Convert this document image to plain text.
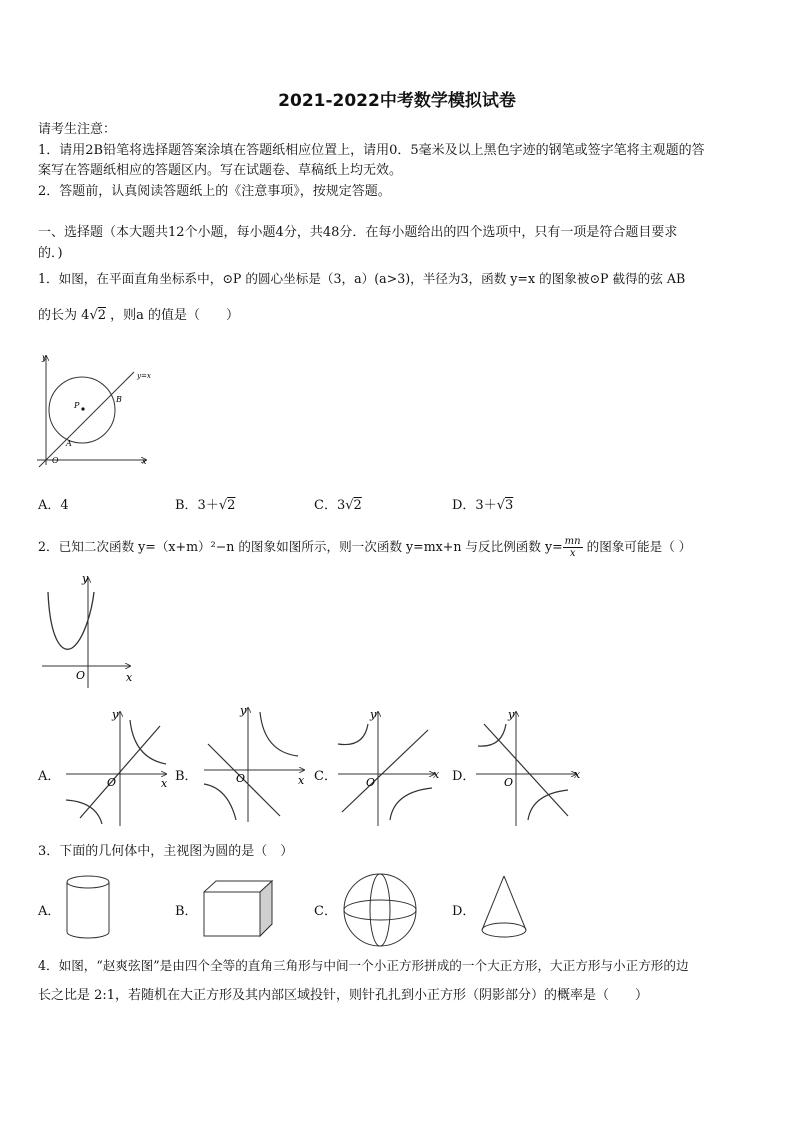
2021-2022中考数学模拟试卷
请考生注意：
1．请用2B铅笔将选择题答案涂填在答题纸相应位置上，请用0．5毫米及以上黑色字迹的钢笔或签字笔将主观题的答
案写在答题纸相应的答题区内。写在试题卷、草稿纸上均无效。
2．答题前，认真阅读答题纸上的《注意事项》，按规定答题。
一、选择题（本大题共12个小题，每小题4分，共48分．在每小题给出的四个选项中，只有一项是符合题目要求
的．)
1．如图，在平面直角坐标系中，⊙P 的圆心坐标是（3，a）(a>3)，半径为3，函数 y=x 的图象被⊙P 截得的弦 AB
的长为 4√2 ，则a 的值是（　　）
y
x
O
P
A
B
y=x
A．4	B．3＋√2	C．3√2	D．3＋√3
2．已知二次函数 y=（x+m）²−n 的图象如图所示，则一次函数 y=mx+n 与反比例函数 $y= \frac{mn}{x}$ 的图象可能是（ ）
y
x
O
A．
y
x
O	B．
y
x
O	C．
y
x
O	D．
y
x
O
3．下面的几何体中，主视图为圆的是（　）
A．	B．	C．	D．
4．如图，“赵爽弦图”是由四个全等的直角三角形与中间一个小正方形拼成的一个大正方形，大正方形与小正方形的边
长之比是 2:1，若随机在大正方形及其内部区域投针，则针孔扎到小正方形（阴影部分）的概率是（　　）
